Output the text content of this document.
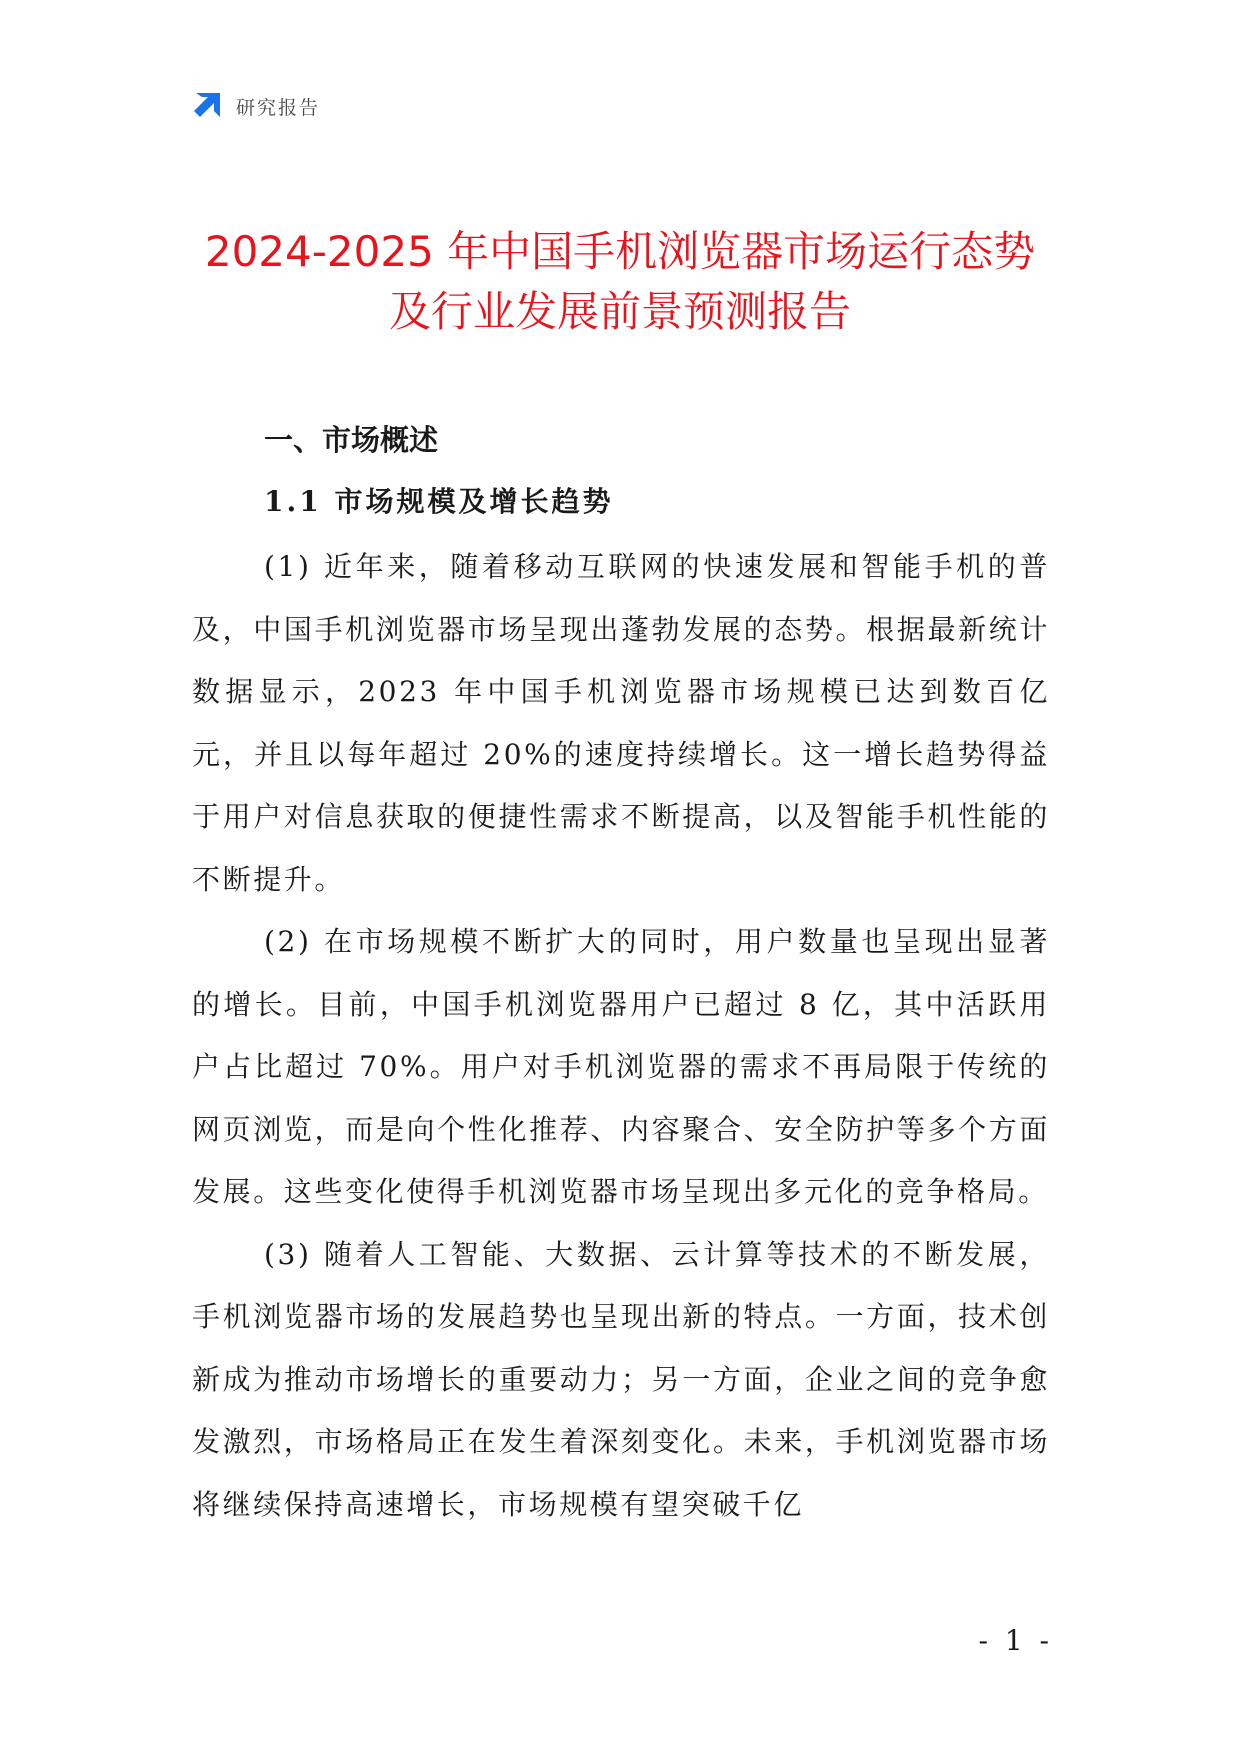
研究报告
2024-2025 年中国手机浏览器市场运行态势
及行业发展前景预测报告
一、市场概述
1.1 市场规模及增长趋势

(1) 近年来，随着移动互联网的快速发展和智能手机的普及，中国手机浏览器市场呈现出蓬勃发展的态势。根据最新统计数据显示，2023 年中国手机浏览器市场规模已达到数百亿元，并且以每年超过 20%的速度持续增长。这一增长趋势得益于用户对信息获取的便捷性需求不断提高，以及智能手机性能的不断提升。

(2) 在市场规模不断扩大的同时，用户数量也呈现出显著的增长。目前，中国手机浏览器用户已超过 8 亿，其中活跃用户占比超过 70%。用户对手机浏览器的需求不再局限于传统的网页浏览，而是向个性化推荐、内容聚合、安全防护等多个方面发展。这些变化使得手机浏览器市场呈现出多元化的竞争格局。

(3) 随着人工智能、大数据、云计算等技术的不断发展，手机浏览器市场的发展趋势也呈现出新的特点。一方面，技术创新成为推动市场增长的重要动力；另一方面，企业之间的竞争愈发激烈，市场格局正在发生着深刻变化。未来，手机浏览器市场将继续保持高速增长，市场规模有望突破千亿

- 1 -
